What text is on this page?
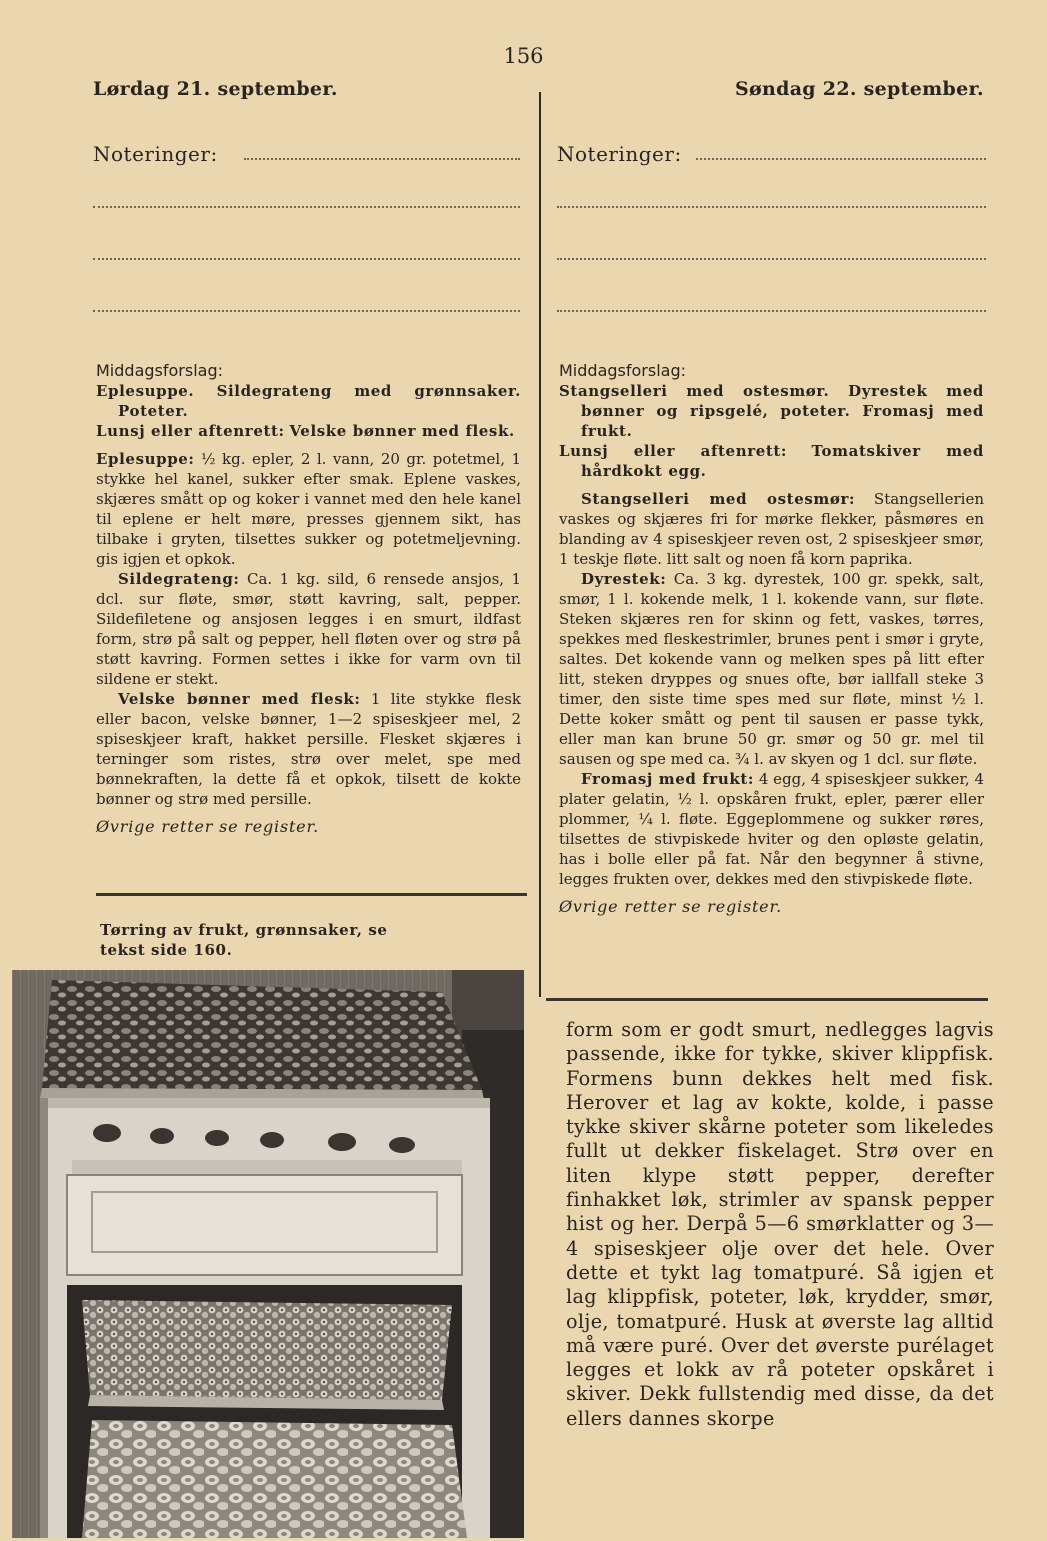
156
Lørdag 21. september.	Søndag 22. september.
Noteringer:	Noteringer:

Middagsforslag:

Eplesuppe. Sildegrateng med grønnsaker. Poteter.

Lunsj eller aftenrett: Velske bønner med flesk.

Eplesuppe: ½ kg. epler, 2 l. vann, 20 gr. potetmel, 1 stykke hel kanel, sukker efter smak. Eplene vaskes, skjæres smått op og koker i vannet med den hele kanel til eplene er helt møre, presses gjennem sikt, has tilbake i gryten, tilsettes sukker og potetmeljevning. gis igjen et opkok.

Sildegrateng: Ca. 1 kg. sild, 6 rensede ansjos, 1 dcl. sur fløte, smør, støtt kavring, salt, pepper. Sildefiletene og ansjosen legges i en smurt, ildfast form, strø på salt og pepper, hell fløten over og strø på støtt kavring. Formen settes i ikke for varm ovn til sildene er stekt.

Velske bønner med flesk: 1 lite stykke flesk eller bacon, velske bønner, 1—2 spiseskjeer mel, 2 spiseskjeer kraft, hakket persille. Flesket skjæres i terninger som ristes, strø over melet, spe med bønnekraften, la dette få et opkok, tilsett de kokte bønner og strø med persille.

Øvrige retter se register.

Tørring av frukt, grønnsaker, se tekst side 160.

Middagsforslag:

Stangselleri med ostesmør. Dyrestek med bønner og ripsgelé, poteter. Fromasj med frukt.

Lunsj eller aftenrett: Tomatskiver med hårdkokt egg.

Stangselleri med ostesmør: Stangsellerien vaskes og skjæres fri for mørke flekker, påsmøres en blanding av 4 spiseskjeer reven ost, 2 spiseskjeer smør, 1 teskje fløte. litt salt og noen få korn paprika.

Dyrestek: Ca. 3 kg. dyrestek, 100 gr. spekk, salt, smør, 1 l. kokende melk, 1 l. kokende vann, sur fløte. Steken skjæres ren for skinn og fett, vaskes, tørres, spekkes med fleskestrimler, brunes pent i smør i gryte, saltes. Det kokende vann og melken spes på litt efter litt, steken dryppes og snues ofte, bør iallfall steke 3 timer, den siste time spes med sur fløte, minst ½ l. Dette koker smått og pent til sausen er passe tykk, eller man kan brune 50 gr. smør og 50 gr. mel til sausen og spe med ca. ¾ l. av skyen og 1 dcl. sur fløte.

Fromasj med frukt: 4 egg, 4 spiseskjeer sukker, 4 plater gelatin, ½ l. opskåren frukt, epler, pærer eller plommer, ¼ l. fløte. Eggeplommene og sukker røres, tilsettes de stivpiskede hviter og den opløste gelatin, has i bolle eller på fat. Når den begynner å stivne, legges frukten over, dekkes med den stivpiskede fløte.

Øvrige retter se register.

form som er godt smurt, nedlegges lagvis passende, ikke for tykke, skiver klippfisk. Formens bunn dekkes helt med fisk. Herover et lag av kokte, kolde, i passe tykke skiver skårne poteter som likeledes fullt ut dekker fiskelaget. Strø over en liten klype støtt pepper, derefter finhakket løk, strimler av spansk pepper hist og her. Derpå 5—6 smørklatter og 3—4 spiseskjeer olje over det hele. Over dette et tykt lag tomatpuré. Så igjen et lag klippfisk, poteter, løk, krydder, smør, olje, tomatpuré. Husk at øverste lag alltid må være puré. Over det øverste purélaget legges et lokk av rå poteter opskåret i skiver. Dekk fullstendig med disse, da det ellers dannes skorpe
